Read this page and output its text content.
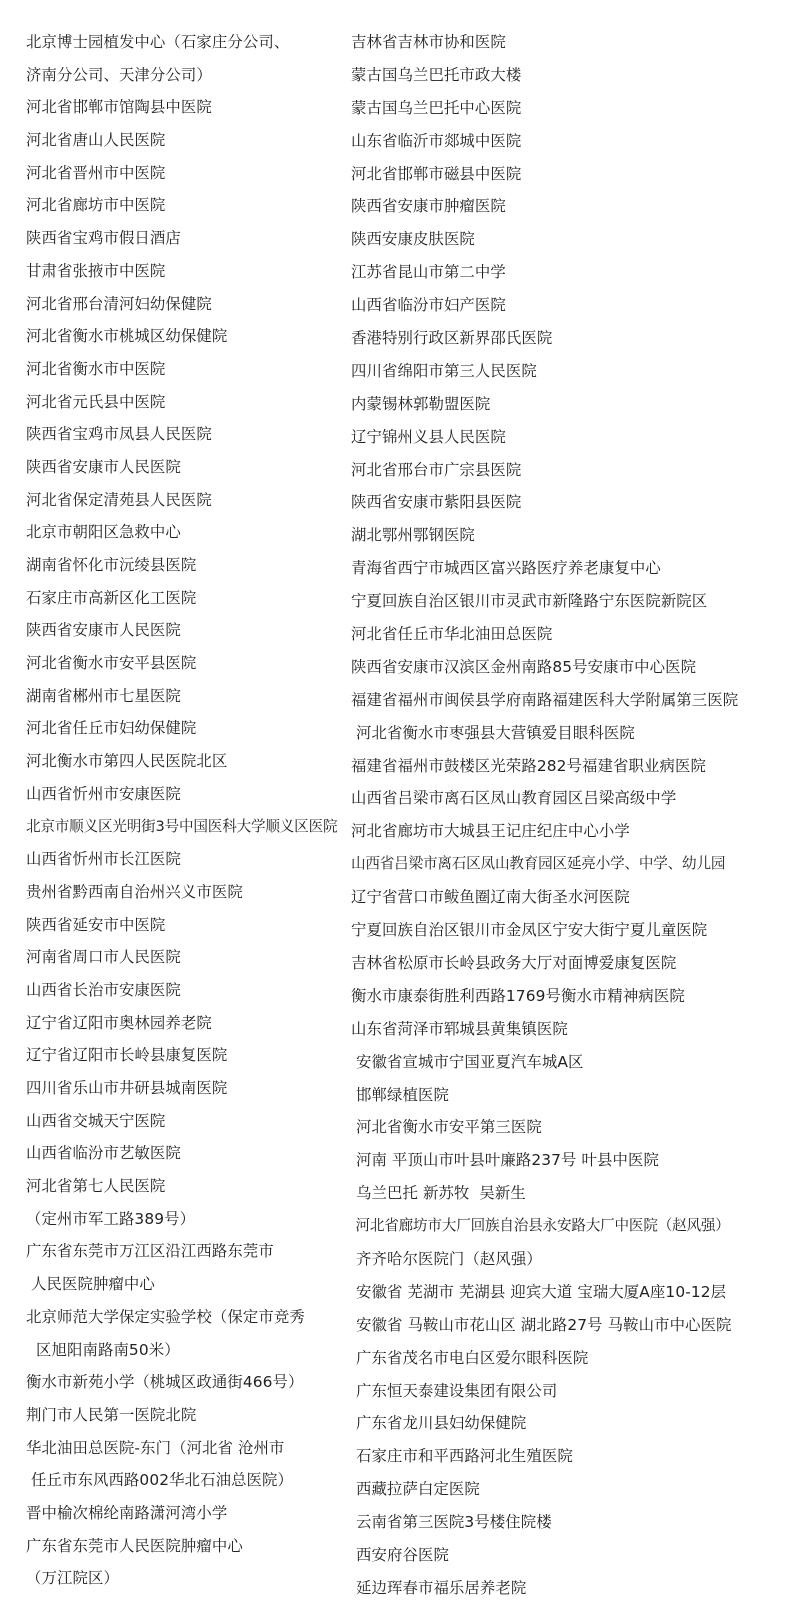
北京博士园植发中心（石家庄分公司、
济南分公司、天津分公司）
河北省邯郸市馆陶县中医院
河北省唐山人民医院
河北省晋州市中医院
河北省廊坊市中医院
陕西省宝鸡市假日酒店
甘肃省张掖市中医院
河北省邢台清河妇幼保健院
河北省衡水市桃城区幼保健院
河北省衡水市中医院
河北省元氏县中医院
陕西省宝鸡市凤县人民医院
陕西省安康市人民医院
河北省保定清苑县人民医院
北京市朝阳区急救中心
湖南省怀化市沅绫县医院
石家庄市高新区化工医院
陕西省安康市人民医院
河北省衡水市安平县医院
湖南省郴州市七星医院
河北省任丘市妇幼保健院
河北衡水市第四人民医院北区
山西省忻州市安康医院
北京市顺义区光明街3号中国医科大学顺义区医院
山西省忻州市长江医院
贵州省黔西南自治州兴义市医院
陕西省延安市中医院
河南省周口市人民医院
山西省长治市安康医院
辽宁省辽阳市奥林园养老院
辽宁省辽阳市长岭县康复医院
四川省乐山市井研县城南医院
山西省交城天宁医院
山西省临汾市艺敏医院
河北省第七人民医院
（定州市军工路389号）
广东省东莞市万江区沿江西路东莞市
人民医院肿瘤中心
北京师范大学保定实验学校（保定市竞秀
区旭阳南路南50米）
衡水市新苑小学（桃城区政通街466号）
荆门市人民第一医院北院
华北油田总医院-东门（河北省 沧州市
任丘市东风西路002华北石油总医院）
晋中榆次棉纶南路潇河湾小学
广东省东莞市人民医院肿瘤中心
（万江院区）
吉林省吉林市协和医院
蒙古国乌兰巴托市政大楼
蒙古国乌兰巴托中心医院
山东省临沂市郯城中医院
河北省邯郸市磁县中医院
陕西省安康市肿瘤医院
陕西安康皮肤医院
江苏省昆山市第二中学
山西省临汾市妇产医院
香港特别行政区新界邵氏医院
四川省绵阳市第三人民医院
内蒙锡林郭勒盟医院
辽宁锦州义县人民医院
河北省邢台市广宗县医院
陕西省安康市紫阳县医院
湖北鄂州鄂钢医院
青海省西宁市城西区富兴路医疗养老康复中心
宁夏回族自治区银川市灵武市新隆路宁东医院新院区
河北省任丘市华北油田总医院
陕西省安康市汉滨区金州南路85号安康市中心医院
福建省福州市闽侯县学府南路福建医科大学附属第三医院
河北省衡水市枣强县大营镇爱目眼科医院
福建省福州市鼓楼区光荣路282号福建省职业病医院
山西省吕梁市离石区凤山教育园区吕梁高级中学
河北省廊坊市大城县王记庄纪庄中心小学
山西省吕梁市离石区凤山教育园区延亮小学、中学、幼儿园
辽宁省营口市鲅鱼圈辽南大街圣水河医院
宁夏回族自治区银川市金凤区宁安大街宁夏儿童医院
吉林省松原市长岭县政务大厅对面博爱康复医院
衡水市康泰街胜利西路1769号衡水市精神病医院
山东省菏泽市郓城县黄集镇医院
安徽省宣城市宁国亚夏汽车城A区
邯郸绿植医院
河北省衡水市安平第三医院
河南 平顶山市叶县叶廉路237号 叶县中医院
乌兰巴托 新苏牧  吴新生
河北省廊坊市大厂回族自治县永安路大厂中医院（赵风强）
齐齐哈尔医院门（赵风强）
安徽省 芜湖市 芜湖县 迎宾大道 宝瑞大厦A座10-12层
安徽省 马鞍山市花山区 湖北路27号 马鞍山市中心医院
广东省茂名市电白区爱尔眼科医院
广东恒天泰建设集团有限公司
广东省龙川县妇幼保健院
石家庄市和平西路河北生殖医院
西藏拉萨白定医院
云南省第三医院3号楼住院楼
西安府谷医院
延边珲春市福乐居养老院
